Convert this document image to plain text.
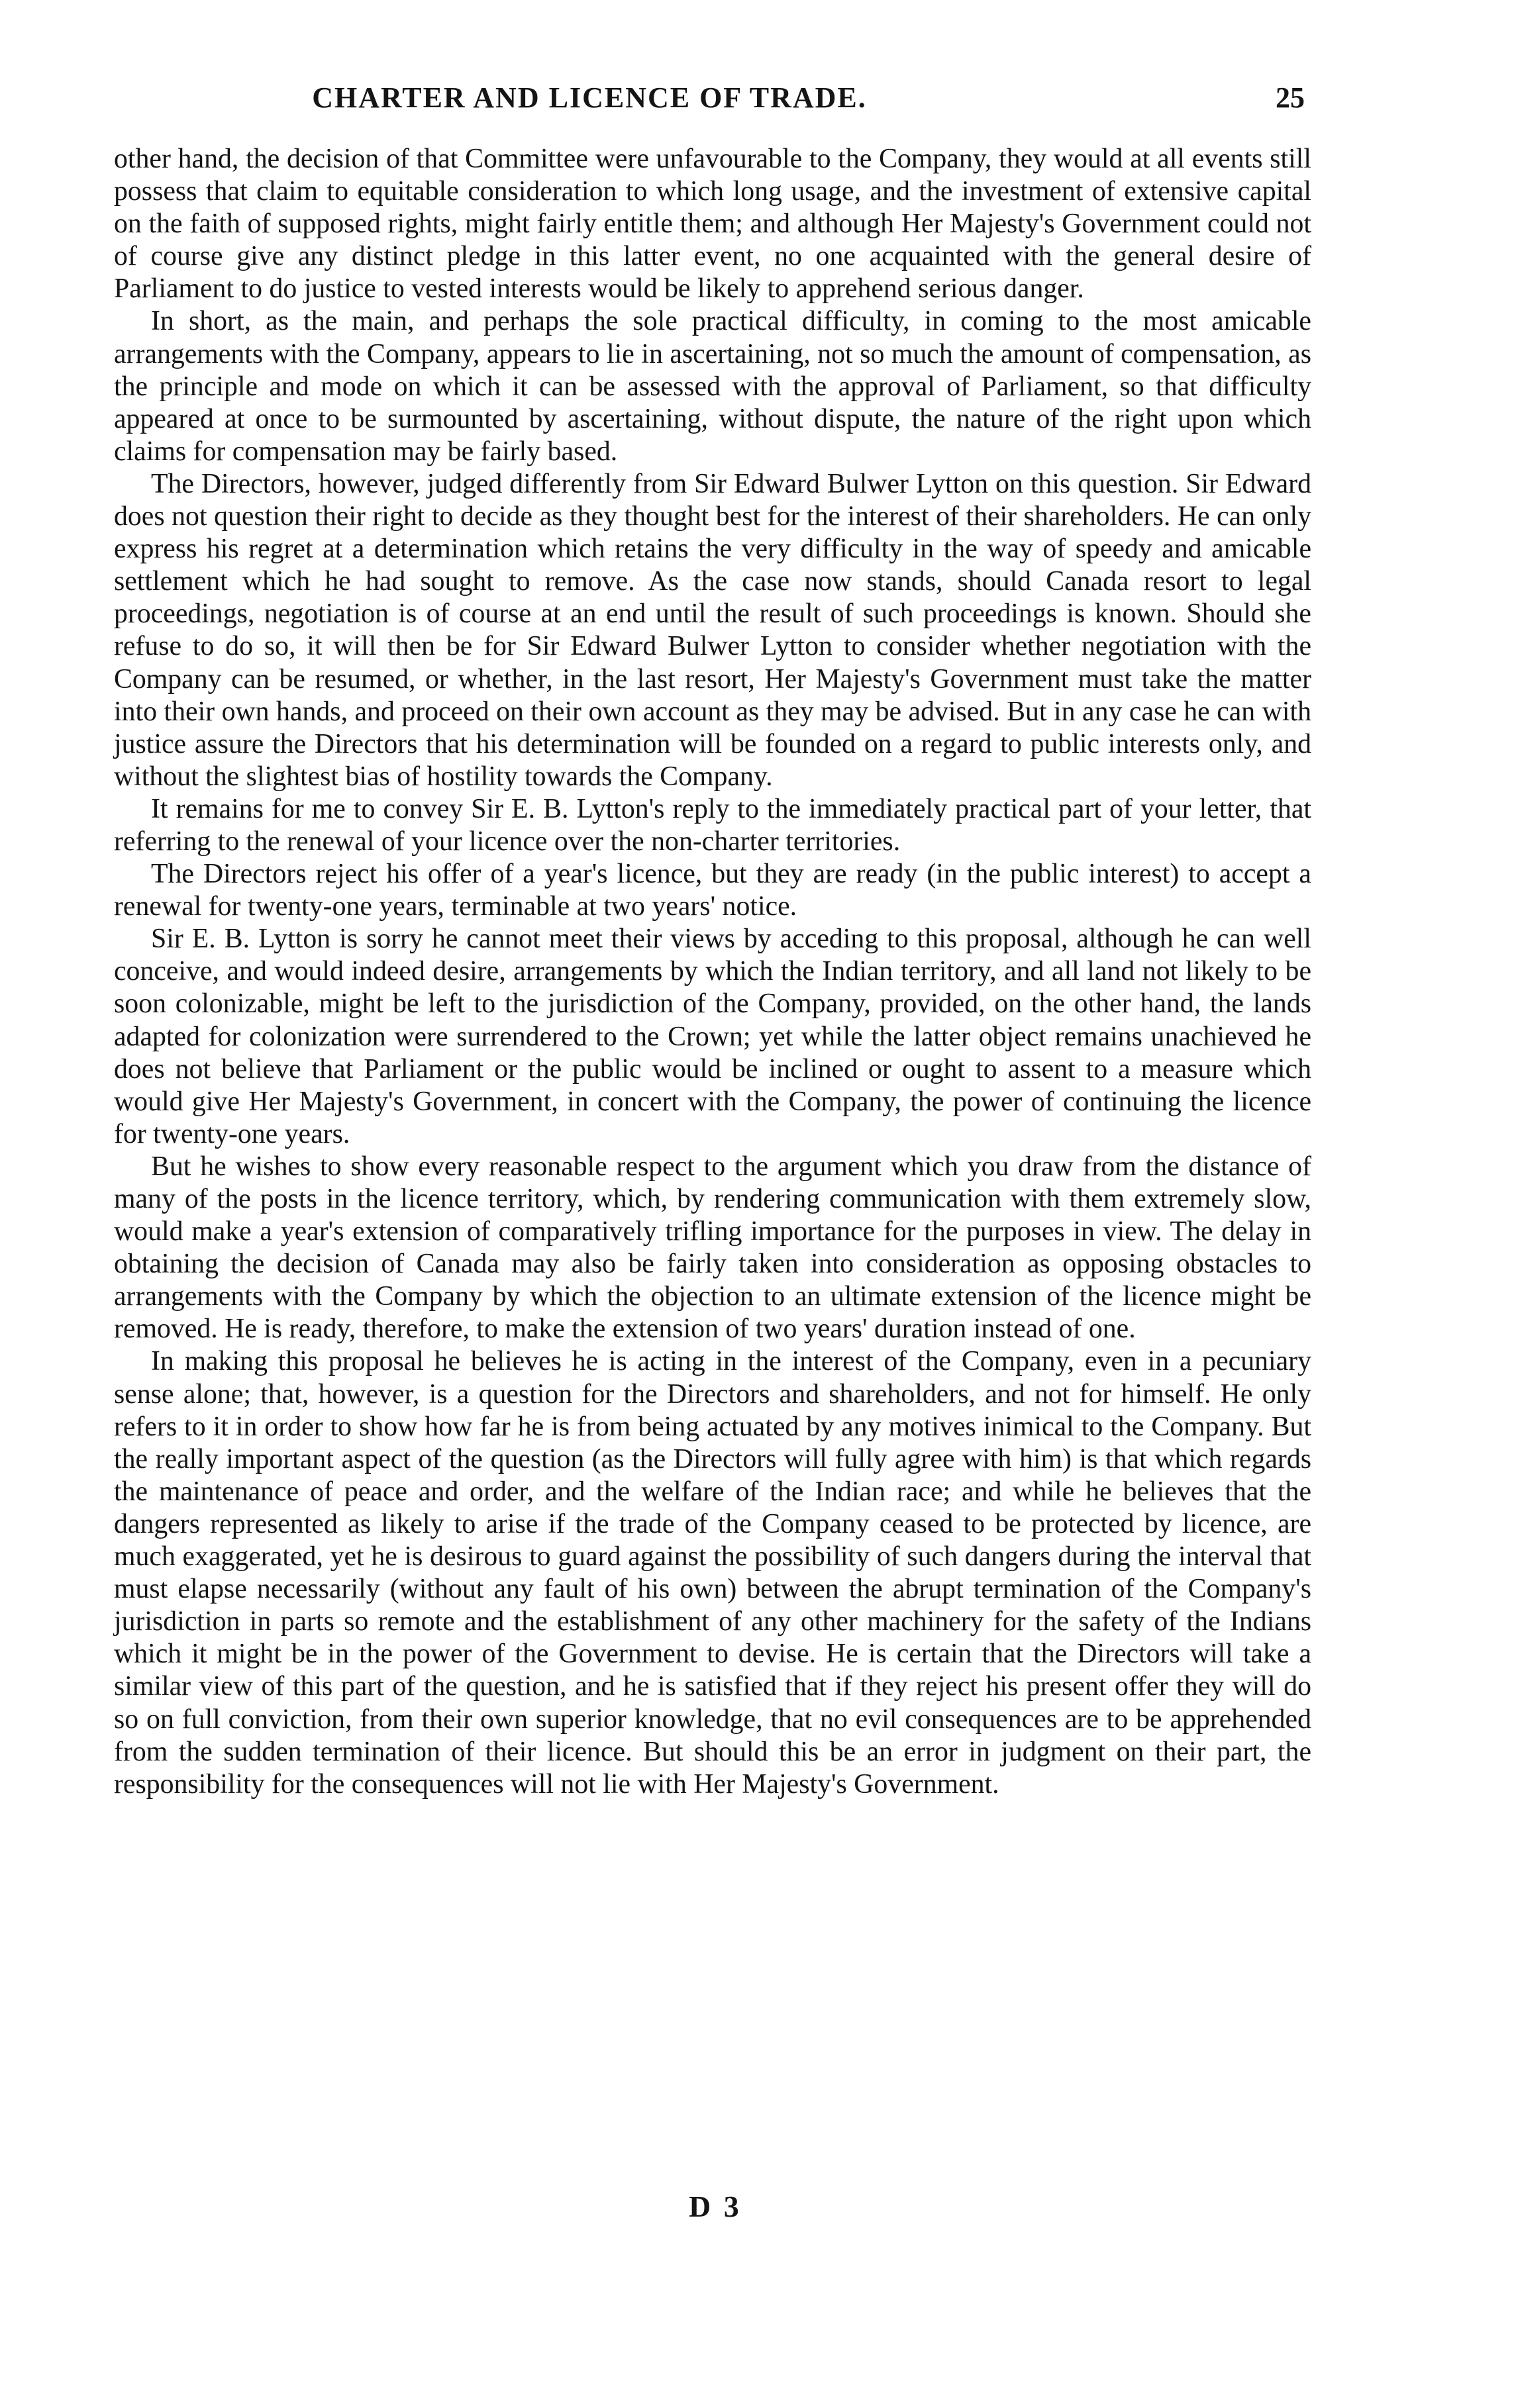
CHARTER AND LICENCE OF TRADE.	25

other hand, the decision of that Committee were unfavourable to the Company, they would at all events still possess that claim to equitable consideration to which long usage, and the investment of extensive capital on the faith of supposed rights, might fairly entitle them; and although Her Majesty's Government could not of course give any distinct pledge in this latter event, no one acquainted with the general desire of Parliament to do justice to vested interests would be likely to apprehend serious danger.

In short, as the main, and perhaps the sole practical difficulty, in coming to the most amicable arrangements with the Company, appears to lie in ascertaining, not so much the amount of compensation, as the principle and mode on which it can be assessed with the approval of Parliament, so that difficulty appeared at once to be surmounted by ascertaining, without dispute, the nature of the right upon which claims for compensation may be fairly based.

The Directors, however, judged differently from Sir Edward Bulwer Lytton on this question. Sir Edward does not question their right to decide as they thought best for the interest of their shareholders. He can only express his regret at a determination which retains the very difficulty in the way of speedy and amicable settlement which he had sought to remove. As the case now stands, should Canada resort to legal proceedings, negotiation is of course at an end until the result of such proceedings is known. Should she refuse to do so, it will then be for Sir Edward Bulwer Lytton to consider whether negotiation with the Company can be resumed, or whether, in the last resort, Her Majesty's Government must take the matter into their own hands, and proceed on their own account as they may be advised. But in any case he can with justice assure the Directors that his determination will be founded on a regard to public interests only, and without the slightest bias of hostility towards the Company.

It remains for me to convey Sir E. B. Lytton's reply to the immediately practical part of your letter, that referring to the renewal of your licence over the non-charter territories.

The Directors reject his offer of a year's licence, but they are ready (in the public interest) to accept a renewal for twenty-one years, terminable at two years' notice.

Sir E. B. Lytton is sorry he cannot meet their views by acceding to this proposal, although he can well conceive, and would indeed desire, arrangements by which the Indian territory, and all land not likely to be soon colonizable, might be left to the jurisdiction of the Company, provided, on the other hand, the lands adapted for colonization were surrendered to the Crown; yet while the latter object remains unachieved he does not believe that Parliament or the public would be inclined or ought to assent to a measure which would give Her Majesty's Government, in concert with the Company, the power of continuing the licence for twenty-one years.

But he wishes to show every reasonable respect to the argument which you draw from the distance of many of the posts in the licence territory, which, by rendering communication with them extremely slow, would make a year's extension of comparatively trifling importance for the purposes in view. The delay in obtaining the decision of Canada may also be fairly taken into consideration as opposing obstacles to arrangements with the Company by which the objection to an ultimate extension of the licence might be removed. He is ready, therefore, to make the extension of two years' duration instead of one.

In making this proposal he believes he is acting in the interest of the Company, even in a pecuniary sense alone; that, however, is a question for the Directors and shareholders, and not for himself. He only refers to it in order to show how far he is from being actuated by any motives inimical to the Company. But the really important aspect of the question (as the Directors will fully agree with him) is that which regards the maintenance of peace and order, and the welfare of the Indian race; and while he believes that the dangers represented as likely to arise if the trade of the Company ceased to be protected by licence, are much exaggerated, yet he is desirous to guard against the possibility of such dangers during the interval that must elapse necessarily (without any fault of his own) between the abrupt termination of the Company's jurisdiction in parts so remote and the establishment of any other machinery for the safety of the Indians which it might be in the power of the Government to devise. He is certain that the Directors will take a similar view of this part of the question, and he is satisfied that if they reject his present offer they will do so on full conviction, from their own superior knowledge, that no evil consequences are to be apprehended from the sudden termination of their licence. But should this be an error in judgment on their part, the responsibility for the consequences will not lie with Her Majesty's Government.

D 3
